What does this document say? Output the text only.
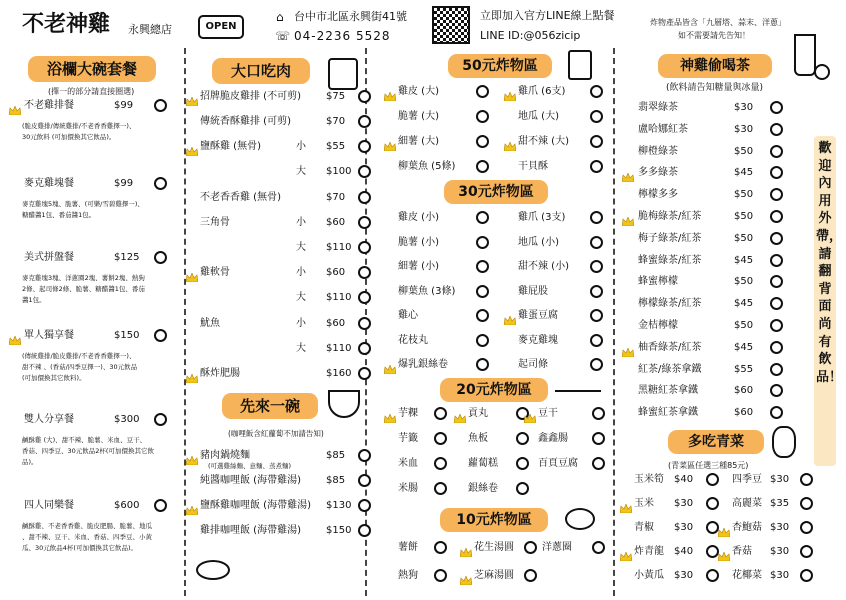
不老神雞 永興總店	OPEN
⌂ 台中市北區永興街41號
☏ 04-2236 5528
立即加入官方LINE線上點餐
LINE ID:@056zicip
炸物產品皆含「九層塔、蒜末、洋蔥」
如不需要請先告知！
浴欄大碗套餐
(擇一的部分請直接圈選)
不老雞排餐	$99
(脆皮雞排/傳統雞排/不老香香雞擇一)、
30元飲料 (可加價換其它飲品)。
麥克雞塊餐	$99
麥克雞塊5塊、脆薯、(可樂/雪碧雞擇一)、
糖醋醬1包、番茄醬1包。
美式拼盤餐	$125
麥克雞塊3塊、洋蔥圈2塊、薯餅2塊、熱狗
2條、起司條2條、脆薯、糖醋醬1包、番茄
醬1包。
單人獨享餐	$150
(傳統雞排/脆皮雞排/不老香香雞擇一)、
甜不辣 、(香菇/四季豆擇一)、30元飲品
(可加價換其它飲料)。
雙人分享餐	$300
鹹酥雞 (大)、甜不辣、脆薯、米血、豆干、
香菇、四季豆、30元飲品2杯(可加價換其它飲
品)。
四人同樂餐	$600
鹹酥雞、不老香香雞、脆皮肥腸、脆薯、地瓜
、甜不辣、豆干、米血、香菇、四季豆、小黃
瓜、30元飲品4杯(可加價換其它飲品)。
大口吃肉
招牌脆皮雞排 (不可剪)	$75
傳統香酥雞排 (可剪)	$70
鹽酥雞 (無骨)	小 $55
大 $100
不老香香雞 (無骨)	$70
三角骨	小 $60
大 $110
雞軟骨	小 $60
大 $110
魷魚	小 $60
大 $110
酥炸肥腸	$160
先來一碗
(咖哩飯含紅蘿蔔不加請告知)
豬肉鍋燒麵
(可選雞絲麵、意麵、蒸煮麵)
$85
純醬咖哩飯 (海帶雞湯)	$85
鹽酥雞咖哩飯 (海帶雞湯) $130
雞排咖哩飯 (海帶雞湯)	$150
50元炸物區
雞皮 (大)	雞爪 (6支)
脆薯 (大)	地瓜 (大)
細薯 (大)	甜不辣 (大)
柳葉魚 (5條)	干貝酥
30元炸物區
雞皮 (小)	雞爪 (3支)
脆薯 (小)	地瓜 (小)
細薯 (小)	甜不辣 (小)
柳葉魚 (3條)	雞屁股
雞心	雞蛋豆腐
花枝丸	麥克雞塊
爆乳銀絲卷	起司條
20元炸物區
芋粿	貢丸	豆干
芋籤	魚板	鑫鑫腸
米血	蘿蔔糕	百頁豆腐
米腸	銀絲卷
10元炸物區
薯餅	花生湯圓	洋蔥圈
熱狗	芝麻湯圓
神雞偷喝茶
(飲料請告知糖量與冰量)
翡翠綠茶	$30
盧哈娜紅茶	$30
柳橙綠茶	$50
多多綠茶	$45
檸檬多多	$50
脆梅綠茶/紅茶	$50
梅子綠茶/紅茶	$50
蜂蜜綠茶/紅茶	$45
蜂蜜檸檬	$50
檸檬綠茶/紅茶	$45
金桔檸檬	$50
柚香綠茶/紅茶	$45
紅茶/綠茶拿鐵	$55
黑糖紅茶拿鐵	$60
蜂蜜紅茶拿鐵	$60
歡迎內用外帶，請翻背面尚有飲品！
多吃青菜
(青菜區任選三種85元)
玉米筍 $40	四季豆 $30
玉米 $30	高麗菜 $35
青椒 $30	杏鮑菇 $30
炸青龍 $40	香菇 $30
小黃瓜 $30	花椰菜 $30
